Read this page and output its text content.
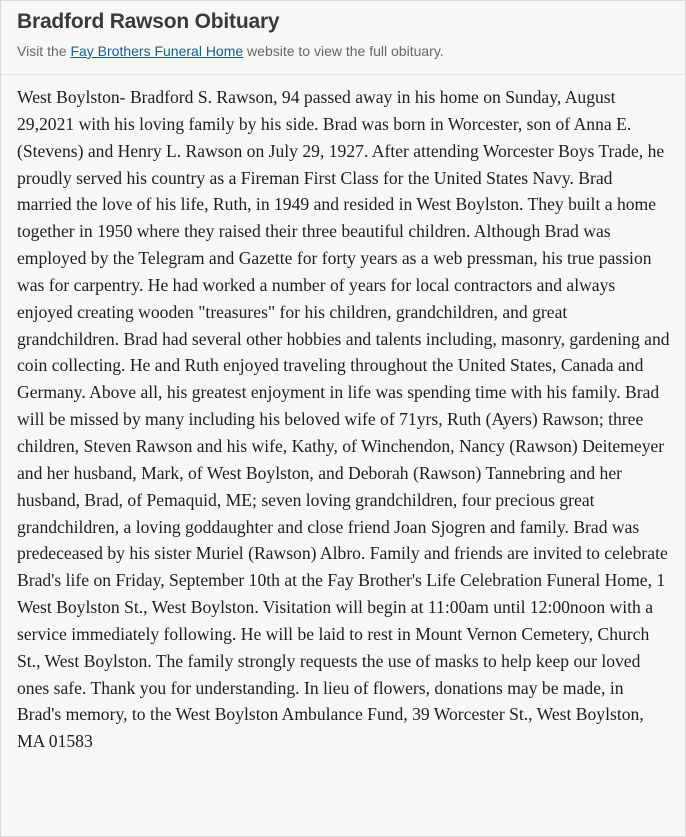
Bradford Rawson Obituary

Visit the Fay Brothers Funeral Home website to view the full obituary.

West Boylston- Bradford S. Rawson, 94 passed away in his home on Sunday, August 29,2021 with his loving family by his side. Brad was born in Worcester, son of Anna E. (Stevens) and Henry L. Rawson on July 29, 1927. After attending Worcester Boys Trade, he proudly served his country as a Fireman First Class for the United States Navy. Brad married the love of his life, Ruth, in 1949 and resided in West Boylston. They built a home together in 1950 where they raised their three beautiful children. Although Brad was employed by the Telegram and Gazette for forty years as a web pressman, his true passion was for carpentry. He had worked a number of years for local contractors and always enjoyed creating wooden "treasures" for his children, grandchildren, and great grandchildren. Brad had several other hobbies and talents including, masonry, gardening and coin collecting. He and Ruth enjoyed traveling throughout the United States, Canada and Germany. Above all, his greatest enjoyment in life was spending time with his family. Brad will be missed by many including his beloved wife of 71yrs, Ruth (Ayers) Rawson; three children, Steven Rawson and his wife, Kathy, of Winchendon, Nancy (Rawson) Deitemeyer and her husband, Mark, of West Boylston, and Deborah (Rawson) Tannebring and her husband, Brad, of Pemaquid, ME; seven loving grandchildren, four precious great grandchildren, a loving goddaughter and close friend Joan Sjogren and family. Brad was predeceased by his sister Muriel (Rawson) Albro. Family and friends are invited to celebrate Brad's life on Friday, September 10th at the Fay Brother's Life Celebration Funeral Home, 1 West Boylston St., West Boylston. Visitation will begin at 11:00am until 12:00noon with a service immediately following. He will be laid to rest in Mount Vernon Cemetery, Church St., West Boylston. The family strongly requests the use of masks to help keep our loved ones safe. Thank you for understanding. In lieu of flowers, donations may be made, in Brad's memory, to the West Boylston Ambulance Fund, 39 Worcester St., West Boylston, MA 01583
